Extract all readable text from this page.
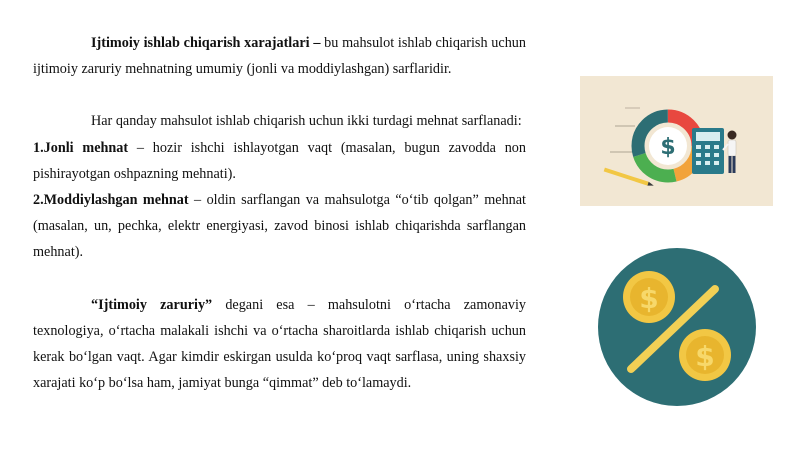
Ijtimoiy ishlab chiqarish xarajatlari – bu mahsulot ishlab chiqarish uchun ijtimoiy zaruriy mehnatning umumiy (jonli va moddiylashgan) sarflaridir.

Har qanday mahsulot ishlab chiqarish uchun ikki turdagi mehnat sarflanadi:

1.Jonli mehnat – hozir ishchi ishlayotgan vaqt (masalan, bugun zavodda non pishirayotgan oshpazning mehnati).

2.Moddiylashgan mehnat – oldin sarflangan va mahsulotga “o‘tib qolgan” mehnat (masalan, un, pechka, elektr energiyasi, zavod binosi ishlab chiqarishda sarflangan mehnat).

“Ijtimoiy zaruriy” degani esa – mahsulotni o‘rtacha zamonaviy texnologiya, o‘rtacha malakali ishchi va o‘rtacha sharoitlarda ishlab chiqarish uchun kerak bo‘lgan vaqt. Agar kimdir eskirgan usulda ko‘proq vaqt sarflasa, uning shaxsiy xarajati ko‘p bo‘lsa ham, jamiyat bunga “qimmat” deb to‘lamaydi.

$
$
$
